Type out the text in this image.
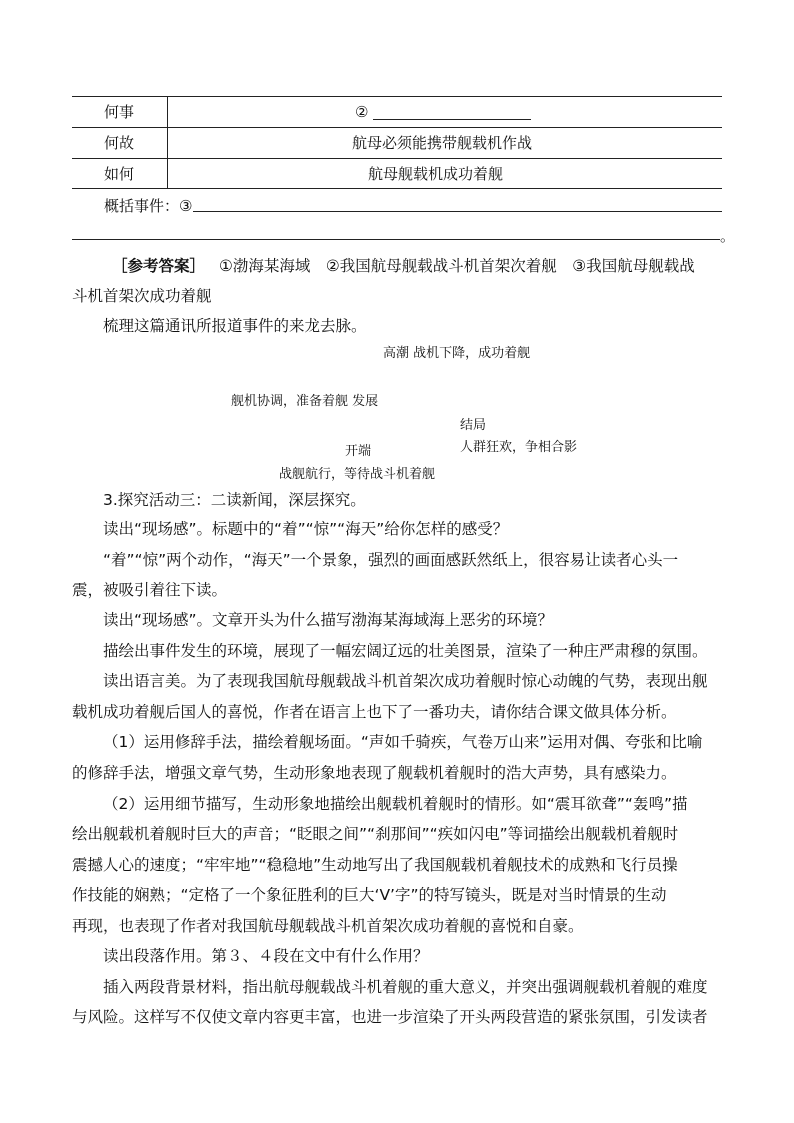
何事	②
何故	航母必须能携带舰载机作战
如何	航母舰载机成功着舰
概括事件：③
。
［参考答案］ ①渤海某海域　②我国航母舰载战斗机首架次着舰　③我国航母舰载战
斗机首架次成功着舰
梳理这篇通讯所报道事件的来龙去脉。
高潮 战机下降，成功着舰
舰机协调，准备着舰 发展
结局
人群狂欢，争相合影
开端
战舰航行，等待战斗机着舰
3.探究活动三：二读新闻，深层探究。
读出“现场感”。标题中的“着”“惊”“海天”给你怎样的感受？
“着”“惊”两个动作，“海天”一个景象，强烈的画面感跃然纸上，很容易让读者心头一
震，被吸引着往下读。
读出“现场感”。文章开头为什么描写渤海某海域海上恶劣的环境？
描绘出事件发生的环境，展现了一幅宏阔辽远的壮美图景，渲染了一种庄严肃穆的氛围。
读出语言美。为了表现我国航母舰载战斗机首架次成功着舰时惊心动魄的气势，表现出舰
载机成功着舰后国人的喜悦，作者在语言上也下了一番功夫，请你结合课文做具体分析。
（1）运用修辞手法，描绘着舰场面。“声如千骑疾，气卷万山来”运用对偶、夸张和比喻
的修辞手法，增强文章气势，生动形象地表现了舰载机着舰时的浩大声势，具有感染力。
（2）运用细节描写，生动形象地描绘出舰载机着舰时的情形。如“震耳欲聋”“轰鸣”描
绘出舰载机着舰时巨大的声音；“眨眼之间”“刹那间”“疾如闪电”等词描绘出舰载机着舰时
震撼人心的速度；“牢牢地”“稳稳地”生动地写出了我国舰载机着舰技术的成熟和飞行员操
作技能的娴熟；“定格了一个象征胜利的巨大‘V’字”的特写镜头，既是对当时情景的生动
再现，也表现了作者对我国航母舰载战斗机首架次成功着舰的喜悦和自豪。
读出段落作用。第３、４段在文中有什么作用？
插入两段背景材料，指出航母舰载战斗机着舰的重大意义，并突出强调舰载机着舰的难度
与风险。这样写不仅使文章内容更丰富，也进一步渲染了开头两段营造的紧张氛围，引发读者
